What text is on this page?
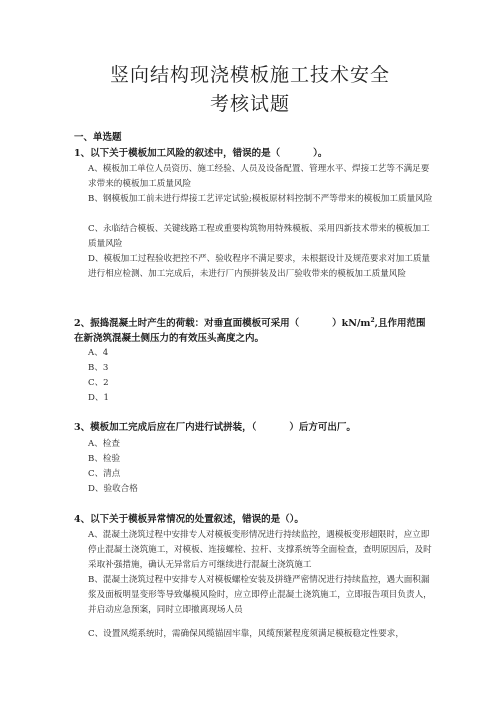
竖向结构现浇模板施工技术安全
考核试题
一、单选题
1、以下关于模板加工风险的叙述中，错误的是（          ）。
A、模板加工单位人员资历、施工经验、人员及设备配置、管理水平、焊接工艺等不满足要求带来的模板加工质量风险
B、钢模板加工前未进行焊接工艺评定试验;模板原材料控制不严等带来的模板加工质量风险
C、永临结合模板、关键线路工程或重要构筑物用特殊模板、采用四新技术带来的模板加工质量风险
D、模板加工过程验收把控不严、验收程序不满足要求，未根据设计及规范要求对加工质量进行相应检测、加工完成后，未进行厂内预拼装及出厂验收带来的模板加工质量风险
2、振捣混凝土时产生的荷载：对垂直面模板可采用（          ）$kN/m^2$,且作用范围在新浇筑混凝土侧压力的有效压头高度之内。
A、4
B、3
C、2
D、1
3、模板加工完成后应在厂内进行试拼装，（          ）后方可出厂。
A、检查
B、检验
C、清点
D、验收合格
4、以下关于模板异常情况的处置叙述，错误的是（）。
A、混凝土浇筑过程中安排专人对模板变形情况进行持续监控，遇模板变形超限时，应立即停止混凝土浇筑施工，对模板、连接螺栓、拉杆、支撑系统等全面检查，查明原因后，及时采取补强措施，确认无异常后方可继续进行混凝土浇筑施工
B、混凝土浇筑过程中安排专人对模板螺栓安装及拼缝严密情况进行持续监控，遇大面积漏浆及面板明显变形等导致爆模风险时，应立即停止混凝土浇筑施工，立即报告项目负责人，并启动应急预案，同时立即撤离现场人员
C、设置风缆系统时，需确保风缆锚固牢靠，风缆预紧程度须满足模板稳定性要求，
